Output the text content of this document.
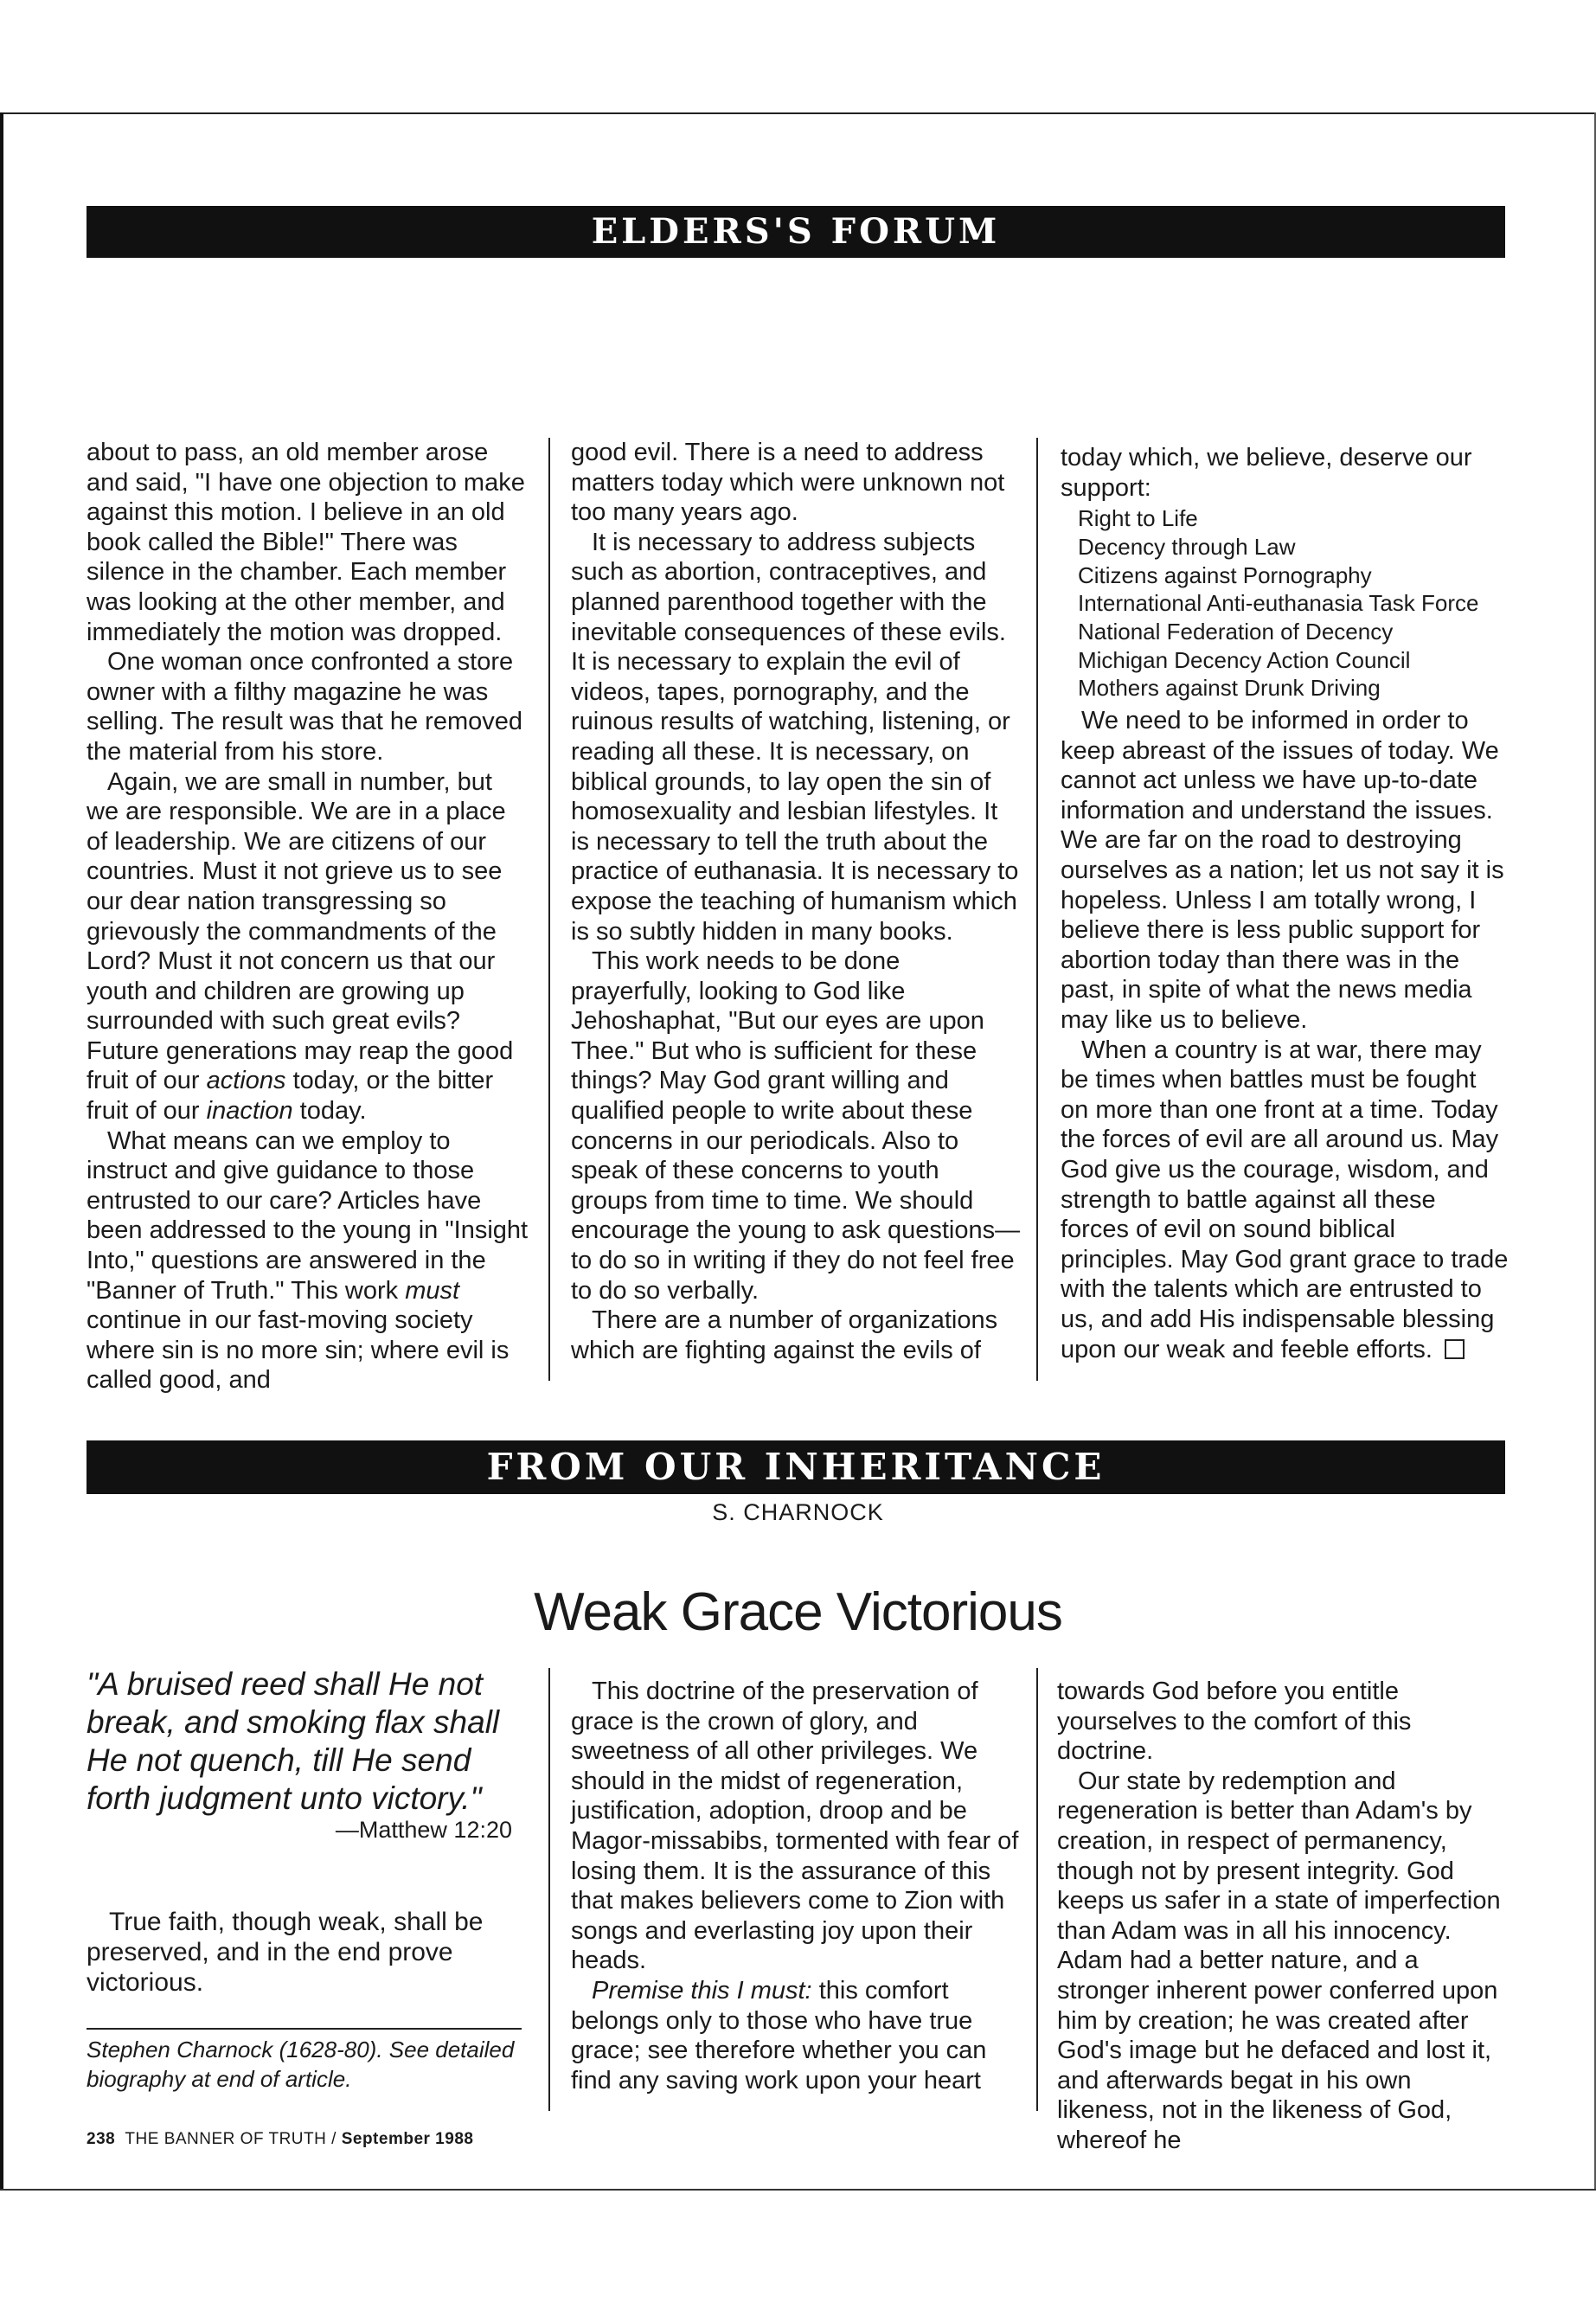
ELDERS'S FORUM

about to pass, an old member arose and said, "I have one objection to make against this motion. I believe in an old book called the Bible!" There was silence in the chamber. Each member was looking at the other member, and immediately the motion was dropped.

One woman once confronted a store owner with a filthy magazine he was selling. The result was that he removed the material from his store.

Again, we are small in number, but we are responsible. We are in a place of leadership. We are citizens of our countries. Must it not grieve us to see our dear nation transgressing so grievously the commandments of the Lord? Must it not concern us that our youth and children are growing up surrounded with such great evils? Future generations may reap the good fruit of our actions today, or the bitter fruit of our inaction today.

What means can we employ to instruct and give guidance to those entrusted to our care? Articles have been addressed to the young in "Insight Into," questions are answered in the "Banner of Truth." This work must continue in our fast-moving society where sin is no more sin; where evil is called good, and

good evil. There is a need to address matters today which were unknown not too many years ago.

It is necessary to address subjects such as abortion, contraceptives, and planned parenthood together with the inevitable consequences of these evils. It is necessary to explain the evil of videos, tapes, pornography, and the ruinous results of watching, listening, or reading all these. It is necessary, on biblical grounds, to lay open the sin of homosexuality and lesbian lifestyles. It is necessary to tell the truth about the practice of euthanasia. It is necessary to expose the teaching of humanism which is so subtly hidden in many books.

This work needs to be done prayerfully, looking to God like Jehoshaphat, "But our eyes are upon Thee." But who is sufficient for these things? May God grant willing and qualified people to write about these concerns in our periodicals. Also to speak of these concerns to youth groups from time to time. We should encourage the young to ask questions—to do so in writing if they do not feel free to do so verbally.

There are a number of organizations which are fighting against the evils of

today which, we believe, deserve our support:

Right to Life
Decency through Law
Citizens against Pornography
International Anti-euthanasia Task Force
National Federation of Decency
Michigan Decency Action Council
Mothers against Drunk Driving

We need to be informed in order to keep abreast of the issues of today. We cannot act unless we have up-to-date information and understand the issues. We are far on the road to destroying ourselves as a nation; let us not say it is hopeless. Unless I am totally wrong, I believe there is less public support for abortion today than there was in the past, in spite of what the news media may like us to believe.

When a country is at war, there may be times when battles must be fought on more than one front at a time. Today the forces of evil are all around us. May God give us the courage, wisdom, and strength to battle against all these forces of evil on sound biblical principles. May God grant grace to trade with the talents which are entrusted to us, and add His indispensable blessing upon our weak and feeble efforts.

FROM OUR INHERITANCE
S. CHARNOCK
Weak Grace Victorious
"A bruised reed shall He not
break, and smoking flax shall
He not quench, till He send
forth judgment unto victory."
—Matthew 12:20
True faith, though weak, shall be preserved, and in the end prove victorious.
Stephen Charnock (1628-80). See detailed biography at end of article.

This doctrine of the preservation of grace is the crown of glory, and sweetness of all other privileges. We should in the midst of regeneration, justification, adoption, droop and be Magor-missabibs, tormented with fear of losing them. It is the assurance of this that makes believers come to Zion with songs and everlasting joy upon their heads.

Premise this I must: this comfort belongs only to those who have true grace; see therefore whether you can find any saving work upon your heart

towards God before you entitle yourselves to the comfort of this doctrine.

Our state by redemption and regeneration is better than Adam's by creation, in respect of permanency, though not by present integrity. God keeps us safer in a state of imperfection than Adam was in all his innocency. Adam had a better nature, and a stronger inherent power conferred upon him by creation; he was created after God's image but he defaced and lost it, and afterwards begat in his own likeness, not in the likeness of God, whereof he

238 THE BANNER OF TRUTH / September 1988
